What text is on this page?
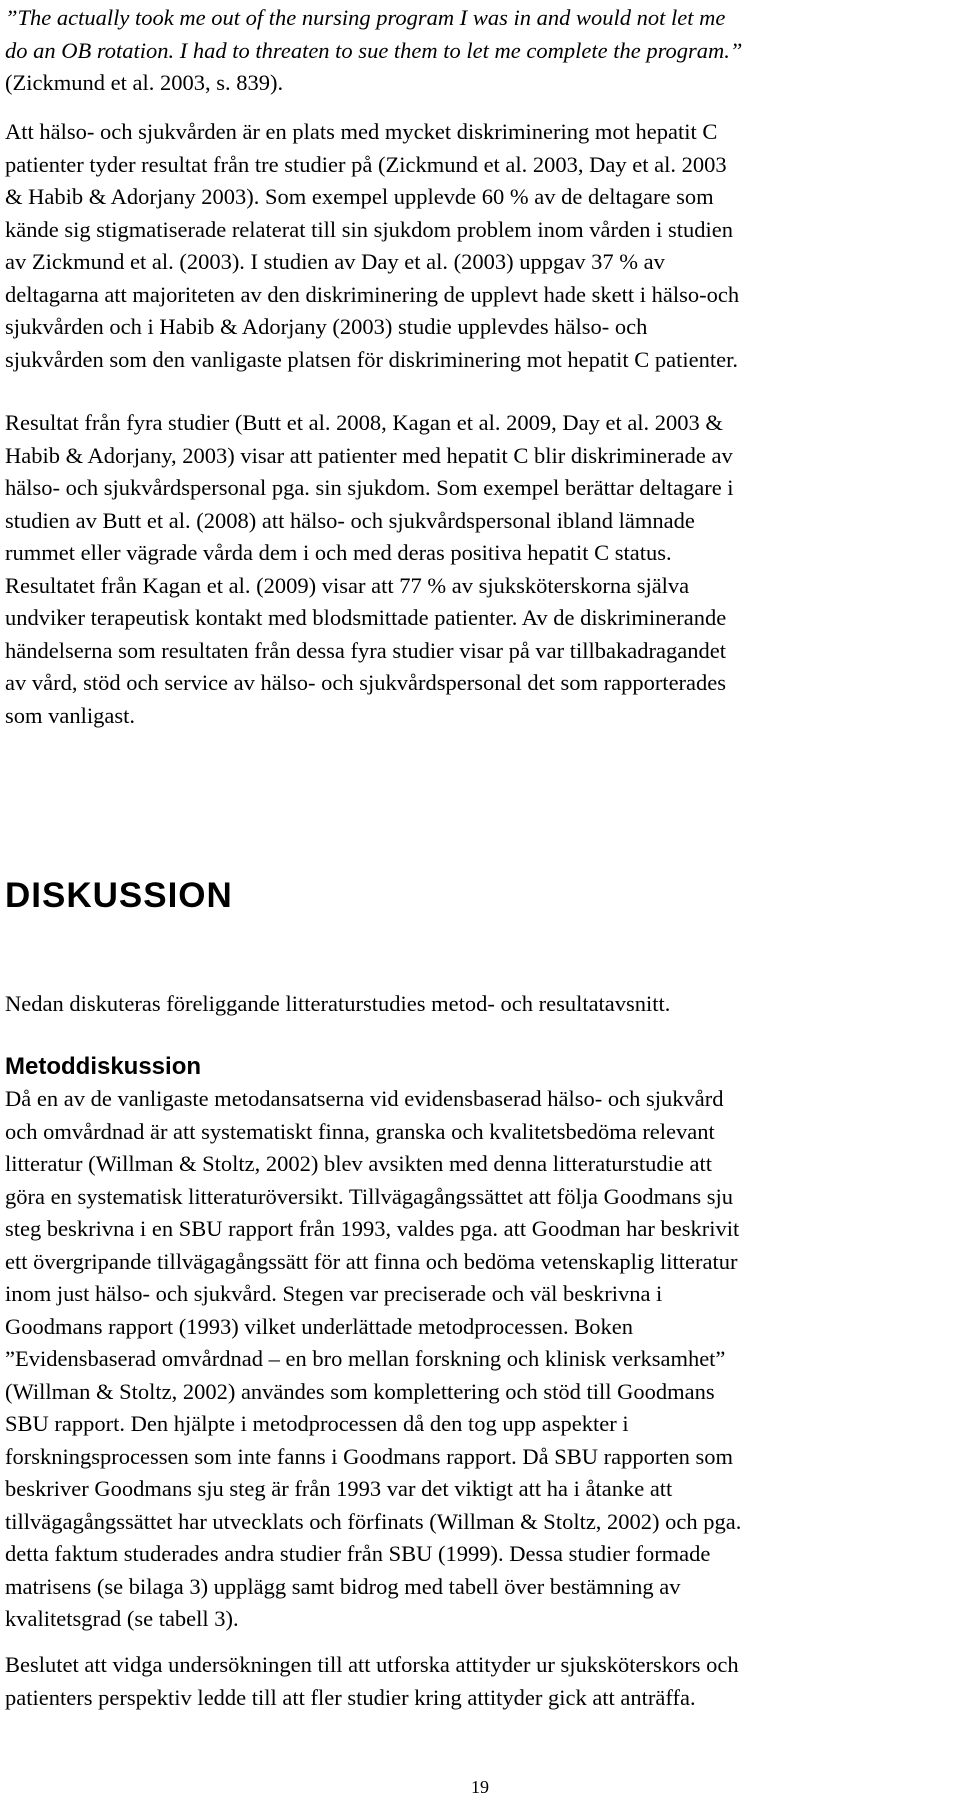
”The actually took me out of the nursing program I was in and would not let me
do an OB rotation. I had to threaten to sue them to let me complete the program.”
(Zickmund et al. 2003, s. 839).
Att hälso- och sjukvården är en plats med mycket diskriminering mot hepatit C
patienter tyder resultat från tre studier på (Zickmund et al. 2003, Day et al. 2003
& Habib & Adorjany 2003). Som exempel upplevde 60 % av de deltagare som
kände sig stigmatiserade relaterat till sin sjukdom problem inom vården i studien
av Zickmund et al. (2003). I studien av Day et al. (2003) uppgav 37 % av
deltagarna att majoriteten av den diskriminering de upplevt hade skett i hälso-och
sjukvården och i Habib & Adorjany (2003) studie upplevdes hälso- och
sjukvården som den vanligaste platsen för diskriminering mot hepatit C patienter.
Resultat från fyra studier (Butt et al. 2008, Kagan et al. 2009, Day et al. 2003 &
Habib & Adorjany, 2003) visar att patienter med hepatit C blir diskriminerade av
hälso- och sjukvårdspersonal pga. sin sjukdom. Som exempel berättar deltagare i
studien av Butt et al. (2008) att hälso- och sjukvårdspersonal ibland lämnade
rummet eller vägrade vårda dem i och med deras positiva hepatit C status.
Resultatet från Kagan et al. (2009) visar att 77 % av sjuksköterskorna själva
undviker terapeutisk kontakt med blodsmittade patienter. Av de diskriminerande
händelserna som resultaten från dessa fyra studier visar på var tillbakadragandet
av vård, stöd och service av hälso- och sjukvårdspersonal det som rapporterades
som vanligast.
DISKUSSION
Nedan diskuteras föreliggande litteraturstudies metod- och resultatavsnitt.
Metoddiskussion
Då en av de vanligaste metodansatserna vid evidensbaserad hälso- och sjukvård
och omvårdnad är att systematiskt finna, granska och kvalitetsbedöma relevant
litteratur (Willman & Stoltz, 2002) blev avsikten med denna litteraturstudie att
göra en systematisk litteraturöversikt. Tillvägagångssättet att följa Goodmans sju
steg beskrivna i en SBU rapport från 1993, valdes pga. att Goodman har beskrivit
ett övergripande tillvägagångssätt för att finna och bedöma vetenskaplig litteratur
inom just hälso- och sjukvård. Stegen var preciserade och väl beskrivna i
Goodmans rapport (1993) vilket underlättade metodprocessen. Boken
”Evidensbaserad omvårdnad – en bro mellan forskning och klinisk verksamhet”
(Willman & Stoltz, 2002) användes som komplettering och stöd till Goodmans
SBU rapport. Den hjälpte i metodprocessen då den tog upp aspekter i
forskningsprocessen som inte fanns i Goodmans rapport. Då SBU rapporten som
beskriver Goodmans sju steg är från 1993 var det viktigt att ha i åtanke att
tillvägagångssättet har utvecklats och förfinats (Willman & Stoltz, 2002) och pga.
detta faktum studerades andra studier från SBU (1999). Dessa studier formade
matrisens (se bilaga 3) upplägg samt bidrog med tabell över bestämning av
kvalitetsgrad (se tabell 3).
Beslutet att vidga undersökningen till att utforska attityder ur sjuksköterskors och
patienters perspektiv ledde till att fler studier kring attityder gick att anträffa.
19
